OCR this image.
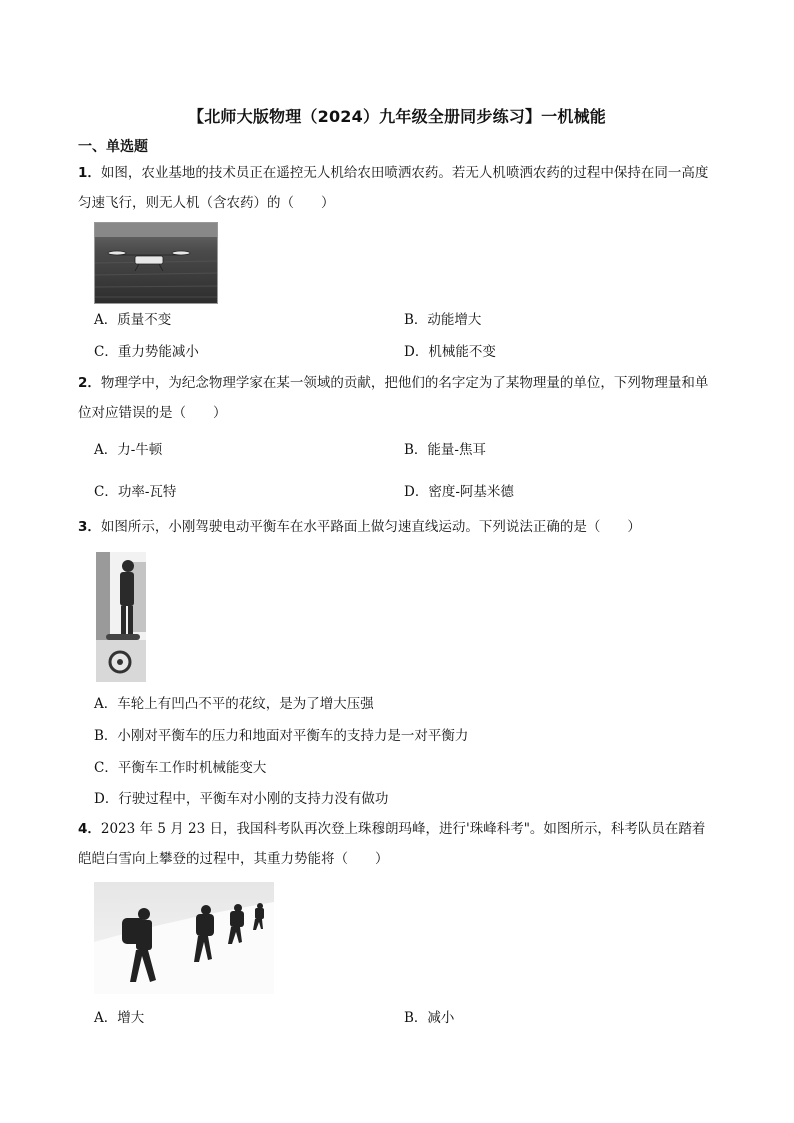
【北师大版物理（2024）九年级全册同步练习】一机械能
一、单选题
1．如图，农业基地的技术员正在遥控无人机给农田喷洒农药。若无人机喷洒农药的过程中保持在同一高度匀速飞行，则无人机（含农药）的（　　）
A．质量不变	B．动能增大
C．重力势能减小	D．机械能不变
2．物理学中，为纪念物理学家在某一领域的贡献，把他们的名字定为了某物理量的单位，下列物理量和单位对应错误的是（　　）
A．力-牛顿	B．能量-焦耳
C．功率-瓦特	D．密度-阿基米德
3．如图所示，小刚驾驶电动平衡车在水平路面上做匀速直线运动。下列说法正确的是（　　）
A．车轮上有凹凸不平的花纹，是为了增大压强
B．小刚对平衡车的压力和地面对平衡车的支持力是一对平衡力
C．平衡车工作时机械能变大
D．行驶过程中，平衡车对小刚的支持力没有做功
4．2023 年 5 月 23 日，我国科考队再次登上珠穆朗玛峰，进行'珠峰科考"。如图所示，科考队员在踏着皑皑白雪向上攀登的过程中，其重力势能将（　　）
A．增大	B．减小
